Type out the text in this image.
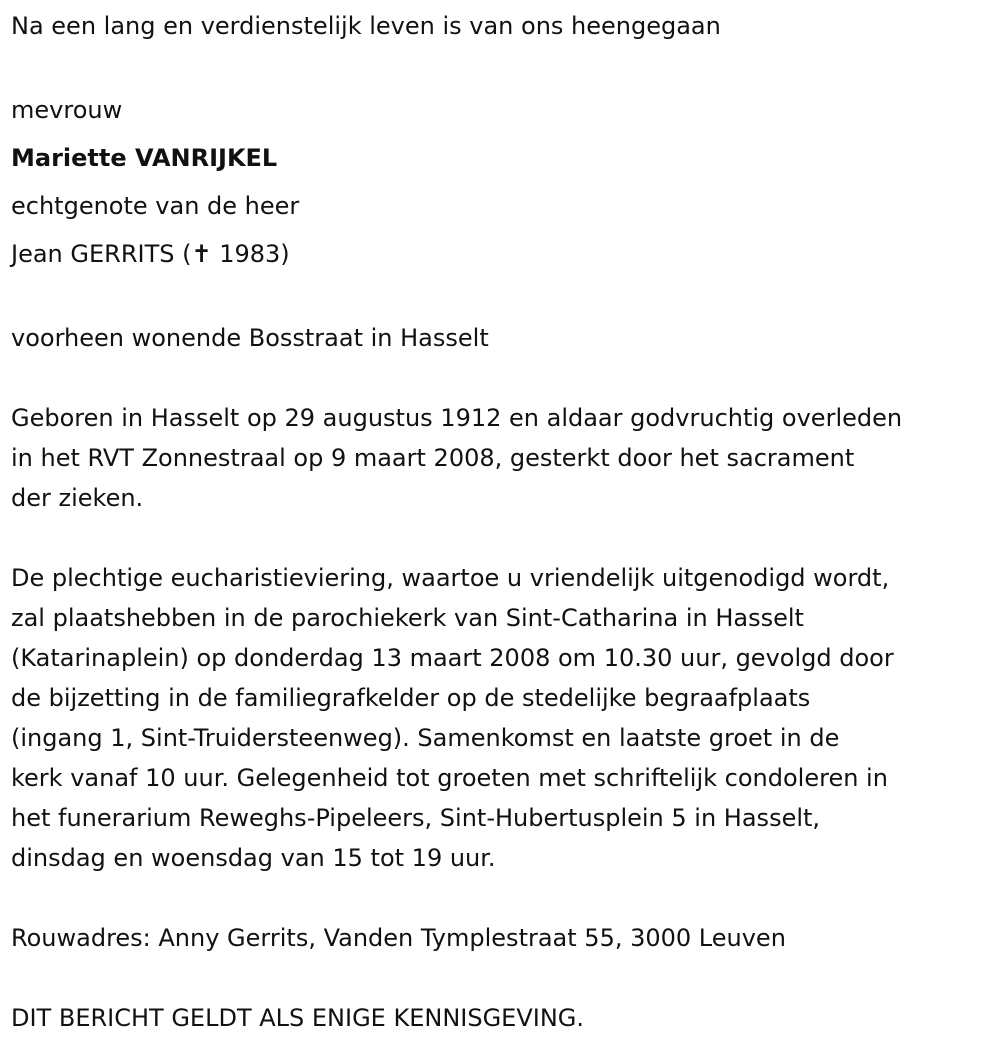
Na een lang en verdienstelijk leven is van ons heengegaan

mevrouw

Mariette VANRIJKEL

echtgenote van de heer

Jean GERRITS (✝ 1983)

voorheen wonende Bosstraat in Hasselt

Geboren in Hasselt op 29 augustus 1912 en aldaar godvruchtig overleden
in het RVT Zonnestraal op 9 maart 2008, gesterkt door het sacrament
der zieken.

De plechtige eucharistieviering, waartoe u vriendelijk uitgenodigd wordt,
zal plaatshebben in de parochiekerk van Sint-Catharina in Hasselt
(Katarinaplein) op donderdag 13 maart 2008 om 10.30 uur, gevolgd door
de bijzetting in de familiegrafkelder op de stedelijke begraafplaats
(ingang 1, Sint-Truidersteenweg). Samenkomst en laatste groet in de
kerk vanaf 10 uur. Gelegenheid tot groeten met schriftelijk condoleren in
het funerarium Reweghs-Pipeleers, Sint-Hubertusplein 5 in Hasselt,
dinsdag en woensdag van 15 tot 19 uur.

Rouwadres: Anny Gerrits, Vanden Tymplestraat 55, 3000 Leuven

DIT BERICHT GELDT ALS ENIGE KENNISGEVING.
